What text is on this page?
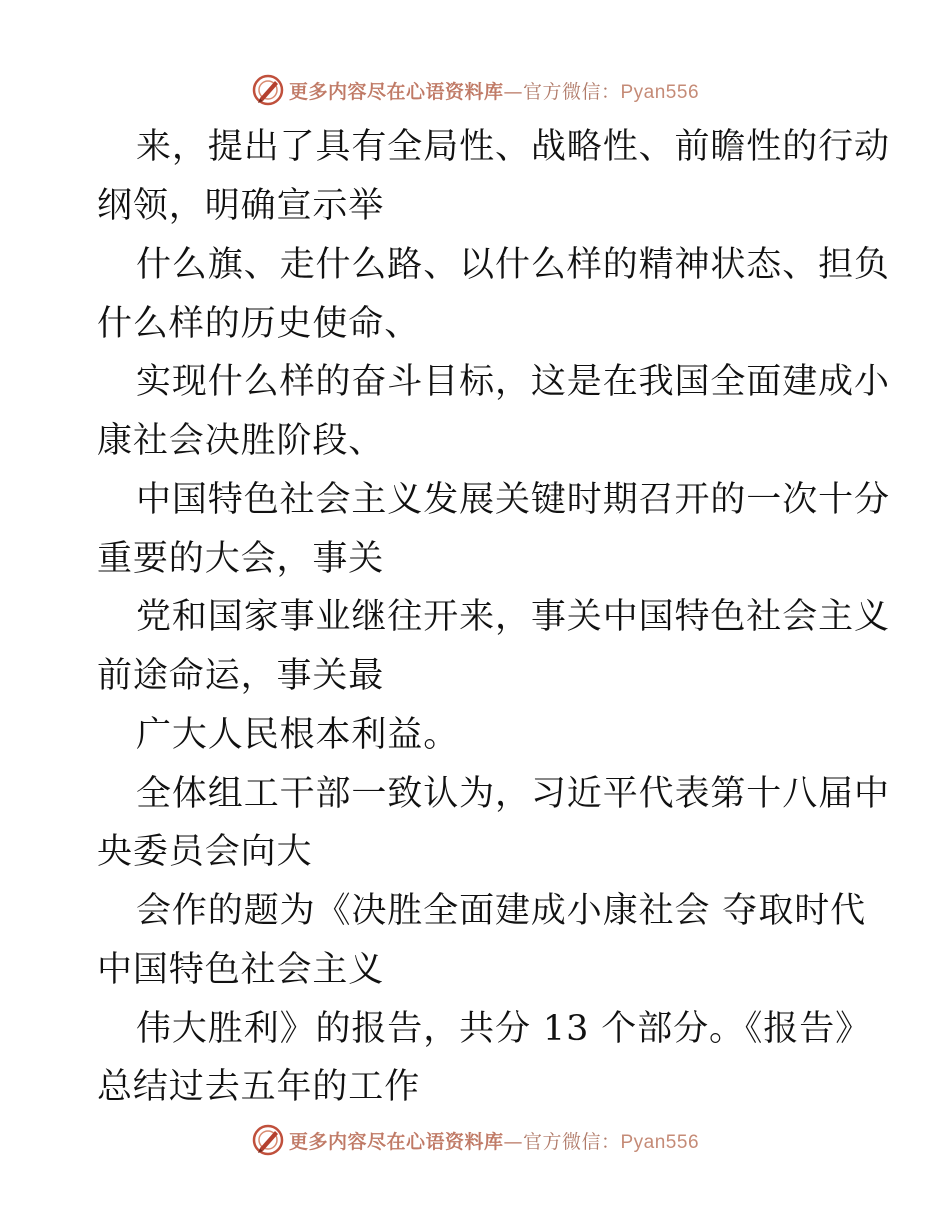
更多内容尽在心语资料库—官方微信：Pyan556
来，提出了具有全局性、战略性、前瞻性的行动
纲领，明确宣示举
什么旗、走什么路、以什么样的精神状态、担负
什么样的历史使命、
实现什么样的奋斗目标，这是在我国全面建成小
康社会决胜阶段、
中国特色社会主义发展关键时期召开的一次十分
重要的大会，事关
党和国家事业继往开来，事关中国特色社会主义
前途命运，事关最
广大人民根本利益。
全体组工干部一致认为，习近平代表第十八届中
央委员会向大
会作的题为《决胜全面建成小康社会 夺取时代
中国特色社会主义
伟大胜利》的报告，共分 13 个部分。《报告》
总结过去五年的工作
更多内容尽在心语资料库—官方微信：Pyan556
